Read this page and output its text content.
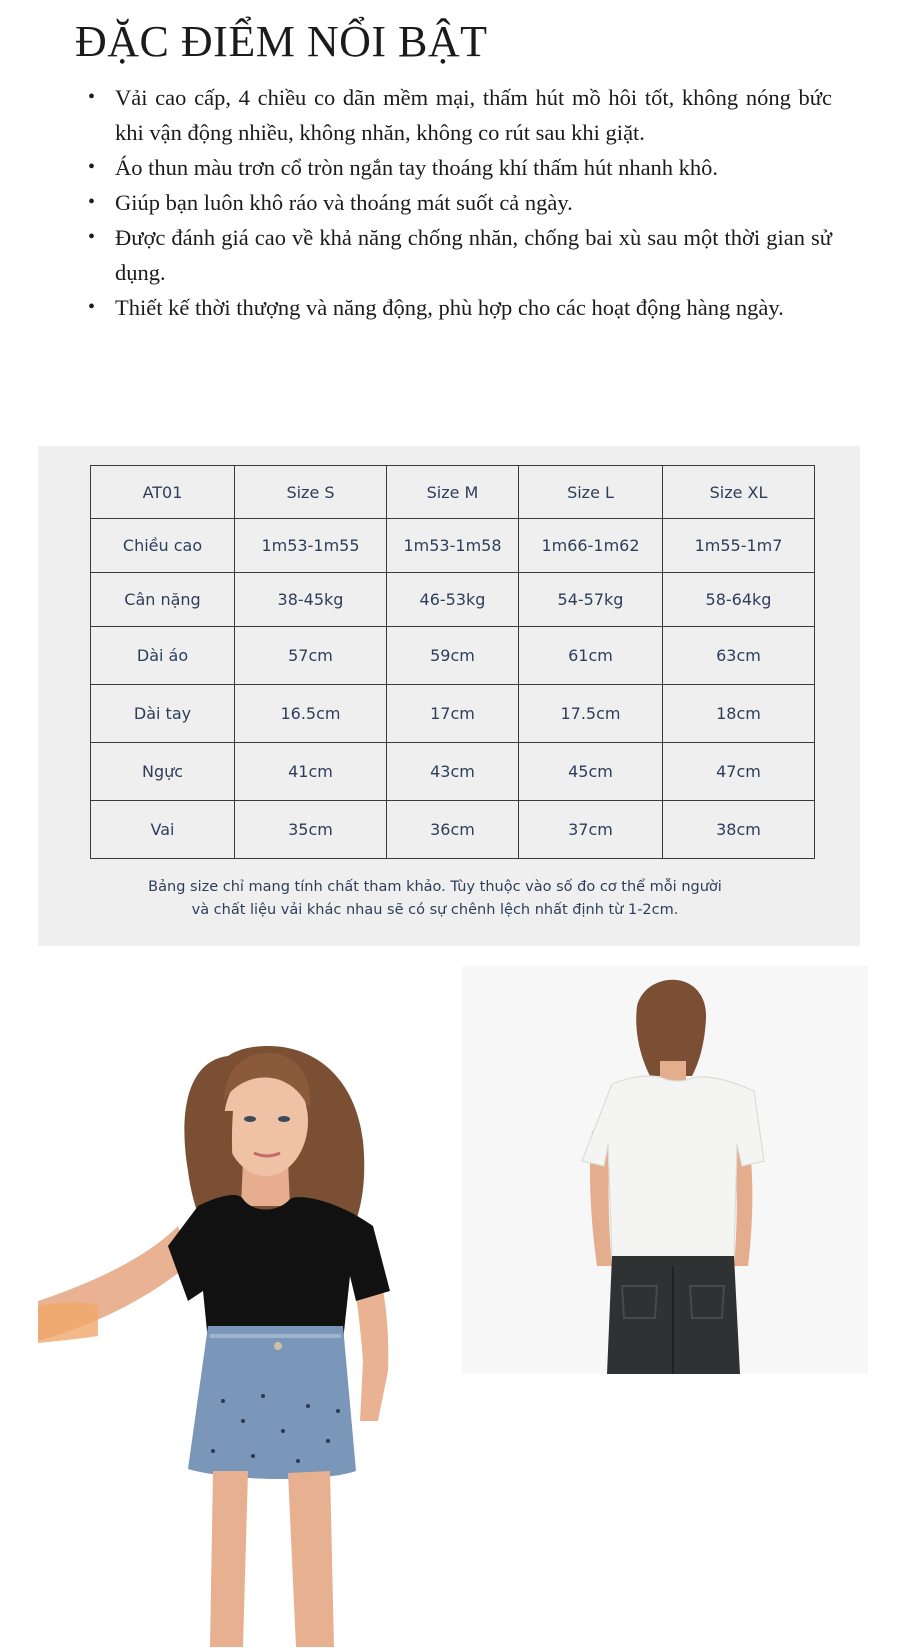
ĐẶC ĐIỂM NỔI BẬT
• Vải cao cấp, 4 chiều co dãn mềm mại, thấm hút mồ hôi tốt, không nóng bức khi vận động nhiều, không nhăn, không co rút sau khi giặt.
• Áo thun màu trơn cổ tròn ngắn tay thoáng khí thấm hút nhanh khô.
• Giúp bạn luôn khô ráo và thoáng mát suốt cả ngày.
• Được đánh giá cao về khả năng chống nhăn, chống bai xù sau một thời gian sử dụng.
• Thiết kế thời thượng và năng động, phù hợp cho các hoạt động hàng ngày.
AT01	Size S	Size M	Size L	Size XL
Chiều cao	1m53-1m55	1m53-1m58	1m66-1m62	1m55-1m7
Cân nặng	38-45kg	46-53kg	54-57kg	58-64kg
Dài áo	57cm	59cm	61cm	63cm
Dài tay	16.5cm	17cm	17.5cm	18cm
Ngực	41cm	43cm	45cm	47cm
Vai	35cm	36cm	37cm	38cm
Bảng size chỉ mang tính chất tham khảo. Tùy thuộc vào số đo cơ thể mỗi người
và chất liệu vải khác nhau sẽ có sự chênh lệch nhất định từ 1-2cm.
